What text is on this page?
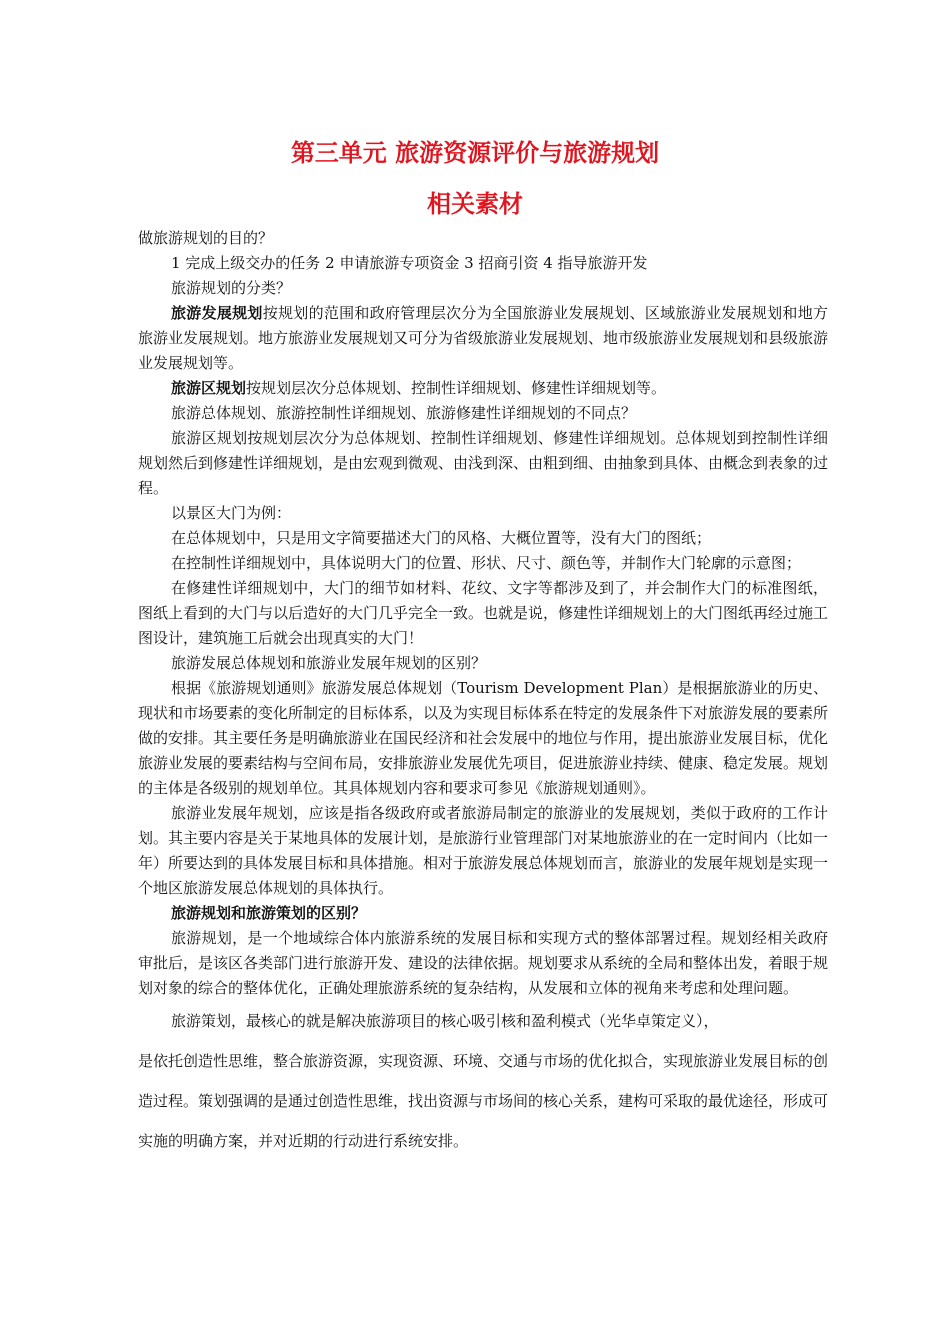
第三单元 旅游资源评价与旅游规划
相关素材

做旅游规划的目的？

1 完成上级交办的任务 2 申请旅游专项资金 3 招商引资 4 指导旅游开发

旅游规划的分类？

旅游发展规划按规划的范围和政府管理层次分为全国旅游业发展规划、区域旅游业发展规划和地方旅游业发展规划。地方旅游业发展规划又可分为省级旅游业发展规划、地市级旅游业发展规划和县级旅游业发展规划等。

旅游区规划按规划层次分总体规划、控制性详细规划、修建性详细规划等。

旅游总体规划、旅游控制性详细规划、旅游修建性详细规划的不同点？

旅游区规划按规划层次分为总体规划、控制性详细规划、修建性详细规划。总体规划到控制性详细规划然后到修建性详细规划，是由宏观到微观、由浅到深、由粗到细、由抽象到具体、由概念到表象的过程。

以景区大门为例：

在总体规划中，只是用文字简要描述大门的风格、大概位置等，没有大门的图纸；

在控制性详细规划中，具体说明大门的位置、形状、尺寸、颜色等，并制作大门轮廓的示意图；

在修建性详细规划中，大门的细节如材料、花纹、文字等都涉及到了，并会制作大门的标准图纸，图纸上看到的大门与以后造好的大门几乎完全一致。也就是说，修建性详细规划上的大门图纸再经过施工图设计，建筑施工后就会出现真实的大门！

旅游发展总体规划和旅游业发展年规划的区别？

根据《旅游规划通则》旅游发展总体规划（Tourism Development Plan）是根据旅游业的历史、现状和市场要素的变化所制定的目标体系，以及为实现目标体系在特定的发展条件下对旅游发展的要素所做的安排。其主要任务是明确旅游业在国民经济和社会发展中的地位与作用，提出旅游业发展目标，优化旅游业发展的要素结构与空间布局，安排旅游业发展优先项目，促进旅游业持续、健康、稳定发展。规划的主体是各级别的规划单位。其具体规划内容和要求可参见《旅游规划通则》。

旅游业发展年规划，应该是指各级政府或者旅游局制定的旅游业的发展规划，类似于政府的工作计划。其主要内容是关于某地具体的发展计划，是旅游行业管理部门对某地旅游业的在一定时间内（比如一年）所要达到的具体发展目标和具体措施。相对于旅游发展总体规划而言，旅游业的发展年规划是实现一个地区旅游发展总体规划的具体执行。

旅游规划和旅游策划的区别？

旅游规划，是一个地域综合体内旅游系统的发展目标和实现方式的整体部署过程。规划经相关政府审批后，是该区各类部门进行旅游开发、建设的法律依据。规划要求从系统的全局和整体出发，着眼于规划对象的综合的整体优化，正确处理旅游系统的复杂结构，从发展和立体的视角来考虑和处理问题。

旅游策划，最核心的就是解决旅游项目的核心吸引核和盈利模式（光华卓策定义），

是依托创造性思维，整合旅游资源，实现资源、环境、交通与市场的优化拟合，实现旅游业发展目标的创造过程。策划强调的是通过创造性思维，找出资源与市场间的核心关系，建构可采取的最优途径，形成可实施的明确方案，并对近期的行动进行系统安排。
